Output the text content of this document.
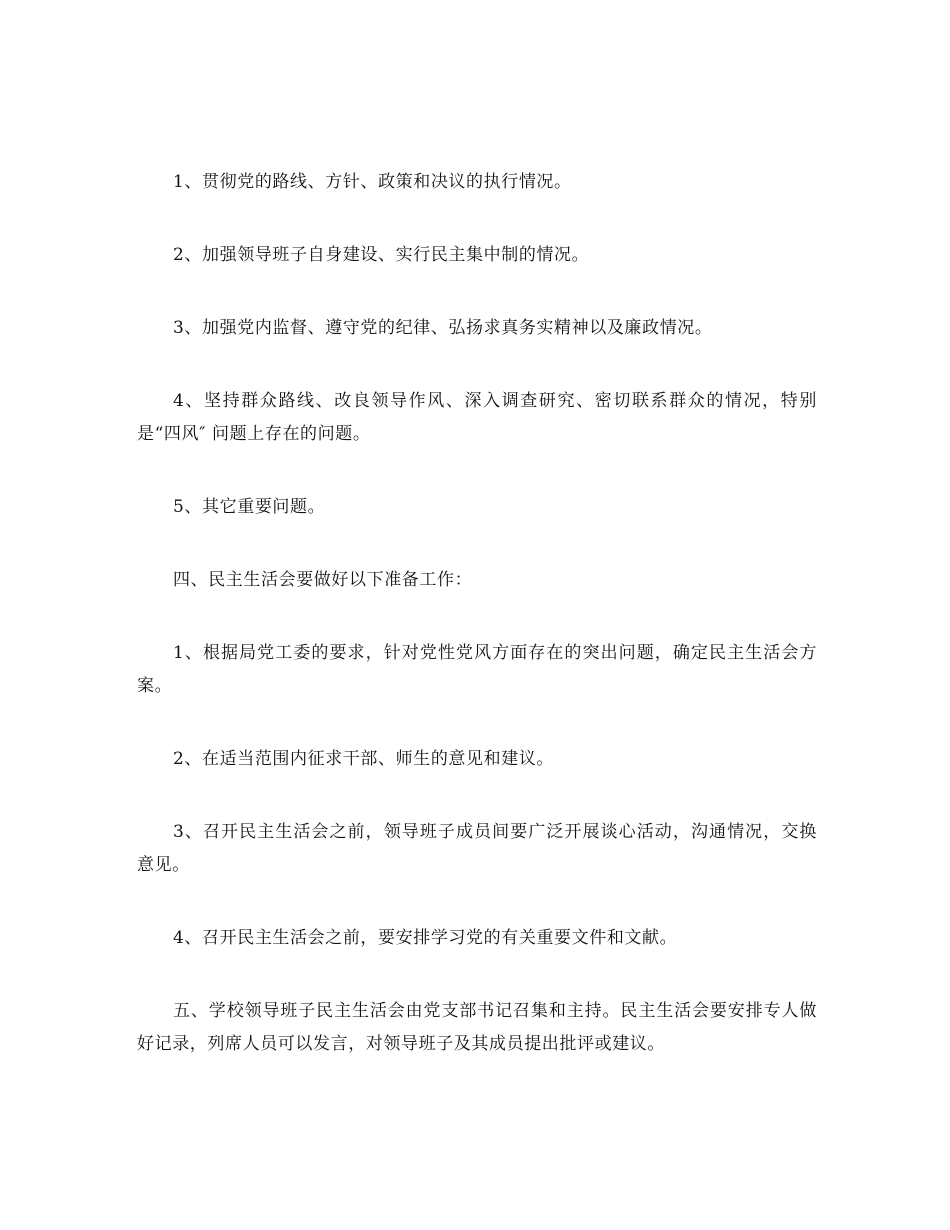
1、贯彻党的路线、方针、政策和决议的执行情况。

2、加强领导班子自身建设、实行民主集中制的情况。

3、加强党内监督、遵守党的纪律、弘扬求真务实精神以及廉政情况。

4、坚持群众路线、改良领导作风、深入调查研究、密切联系群众的情况，特别是“四风″ 问题上存在的问题。

5、其它重要问题。

四、民主生活会要做好以下准备工作：

1、根据局党工委的要求，针对党性党风方面存在的突出问题，确定民主生活会方案。

2、在适当范围内征求干部、师生的意见和建议。

3、召开民主生活会之前，领导班子成员间要广泛开展谈心活动，沟通情况，交换意见。

4、召开民主生活会之前，要安排学习党的有关重要文件和文献。

五、学校领导班子民主生活会由党支部书记召集和主持。民主生活会要安排专人做好记录，列席人员可以发言，对领导班子及其成员提出批评或建议。
